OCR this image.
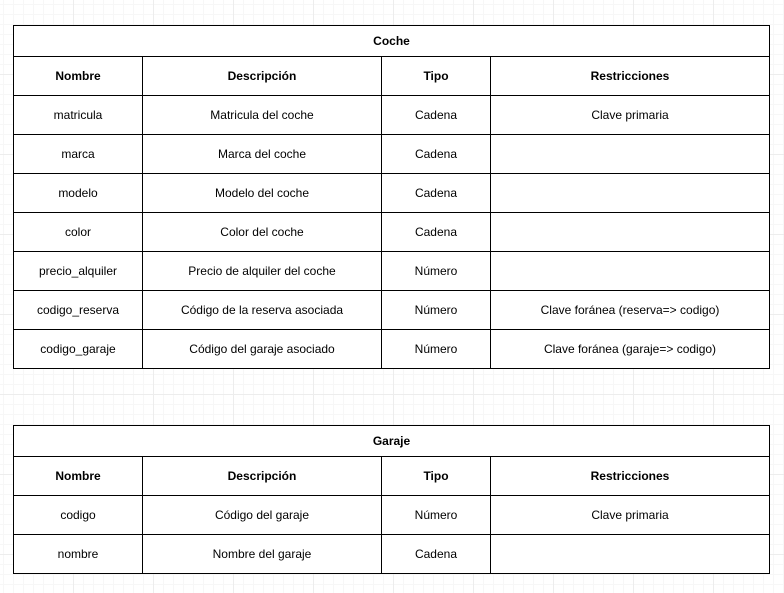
Coche			
Nombre	Descripción	Tipo	Restricciones
matricula	Matricula del coche	Cadena	Clave primaria
marca	Marca del coche	Cadena	
modelo	Modelo del coche	Cadena	
color	Color del coche	Cadena	
precio_alquiler	Precio de alquiler del coche	Número	
codigo_reserva	Código de la reserva asociada	Número	Clave foránea (reserva=> codigo)
codigo_garaje	Código del garaje asociado	Número	Clave foránea (garaje=> codigo)
Garaje			
Nombre	Descripción	Tipo	Restricciones
codigo	Código del garaje	Número	Clave primaria
nombre	Nombre del garaje	Cadena	
